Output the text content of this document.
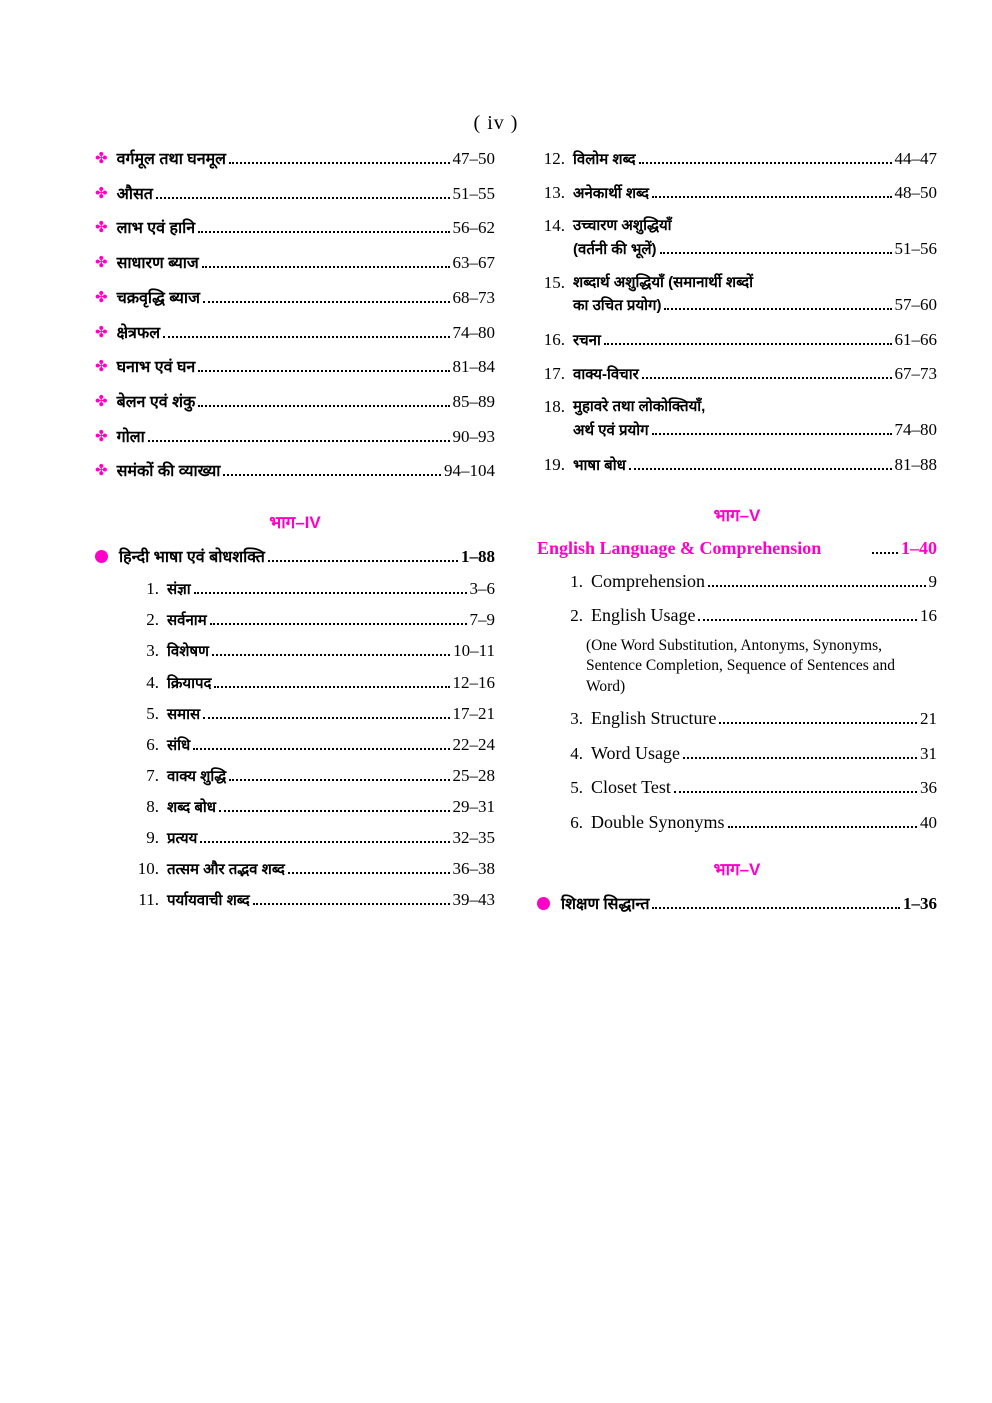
( iv )
✤ वर्गमूल तथा घनमूल	47–50
✤ औसत	51–55
✤ लाभ एवं हानि	56–62
✤ साधारण ब्याज	63–67
✤ चक्रवृद्धि ब्याज	68–73
✤ क्षेत्रफल	74–80
✤ घनाभ एवं घन	81–84
✤ बेलन एवं शंकु	85–89
✤ गोला	90–93
✤ समंकों की व्याख्या	94–104
भाग–IV
हिन्दी भाषा एवं बोधशक्ति	1–88
1. संज्ञा	3–6
2. सर्वनाम	7–9
3. विशेषण	10–11
4. क्रियापद	12–16
5. समास	17–21
6. संधि	22–24
7. वाक्य शुद्धि	25–28
8. शब्द बोध	29–31
9. प्रत्यय	32–35
10. तत्सम और तद्भव शब्द	36–38
11. पर्यायवाची शब्द	39–43
12. विलोम शब्द	44–47
13. अनेकार्थी शब्द	48–50
14. उच्चारण अशुद्धियाँ
(वर्तनी की भूलें)	51–56
15. शब्दार्थ अशुद्धियाँ (समानार्थी शब्दों
का उचित प्रयोग)	57–60
16. रचना	61–66
17. वाक्य-विचार	67–73
18. मुहावरे तथा लोकोक्तियाँ,
अर्थ एवं प्रयोग	74–80
19. भाषा बोध	81–88
भाग–V
English Language & Comprehension	1–40
1. Comprehension	9
2. English Usage	16
(One Word Substitution, Antonyms, Synonyms, Sentence Completion, Sequence of Sentences and Word)
3. English Structure	21
4. Word Usage	31
5. Closet Test	36
6. Double Synonyms	40
भाग–V
शिक्षण सिद्धान्त	1–36
